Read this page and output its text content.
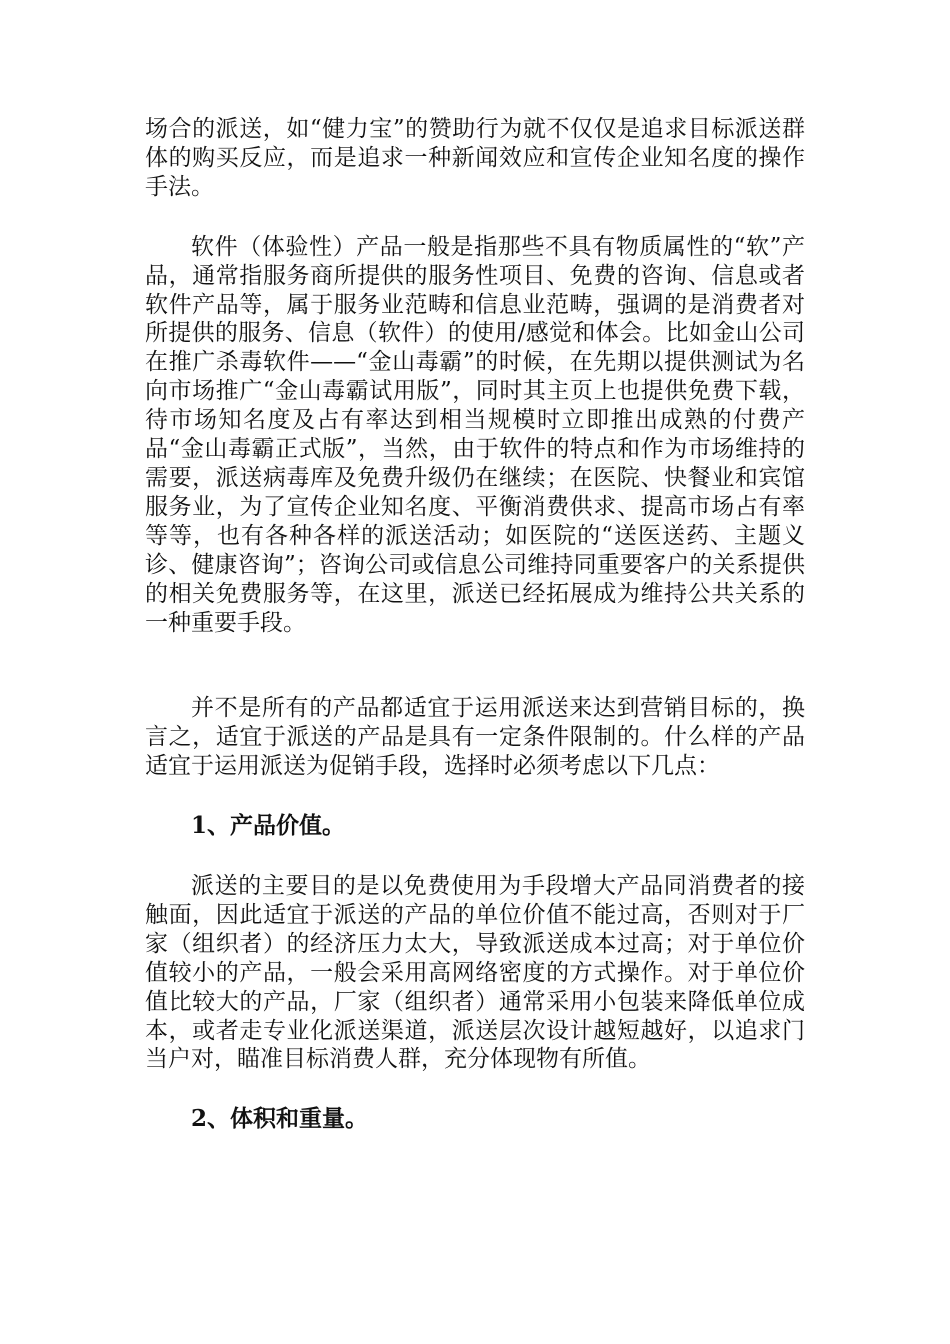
场合的派送，如“健力宝”的赞助行为就不仅仅是追求目标派送群体的购买反应，而是追求一种新闻效应和宣传企业知名度的操作手法。

软件（体验性）产品一般是指那些不具有物质属性的“软”产品，通常指服务商所提供的服务性项目、免费的咨询、信息或者软件产品等，属于服务业范畴和信息业范畴，强调的是消费者对所提供的服务、信息（软件）的使用/感觉和体会。比如金山公司在推广杀毒软件——“金山毒霸”的时候，在先期以提供测试为名向市场推广“金山毒霸试用版”，同时其主页上也提供免费下载，待市场知名度及占有率达到相当规模时立即推出成熟的付费产品“金山毒霸正式版”，当然，由于软件的特点和作为市场维持的需要，派送病毒库及免费升级仍在继续；在医院、快餐业和宾馆服务业，为了宣传企业知名度、平衡消费供求、提高市场占有率等等，也有各种各样的派送活动；如医院的“送医送药、主题义诊、健康咨询”；咨询公司或信息公司维持同重要客户的关系提供的相关免费服务等，在这里，派送已经拓展成为维持公共关系的一种重要手段。

并不是所有的产品都适宜于运用派送来达到营销目标的，换言之，适宜于派送的产品是具有一定条件限制的。什么样的产品适宜于运用派送为促销手段，选择时必须考虑以下几点：

1、产品价值。

派送的主要目的是以免费使用为手段增大产品同消费者的接触面，因此适宜于派送的产品的单位价值不能过高，否则对于厂家（组织者）的经济压力太大，导致派送成本过高；对于单位价值较小的产品，一般会采用高网络密度的方式操作。对于单位价值比较大的产品，厂家（组织者）通常采用小包装来降低单位成本，或者走专业化派送渠道，派送层次设计越短越好，以追求门当户对，瞄准目标消费人群，充分体现物有所值。

2、体积和重量。
